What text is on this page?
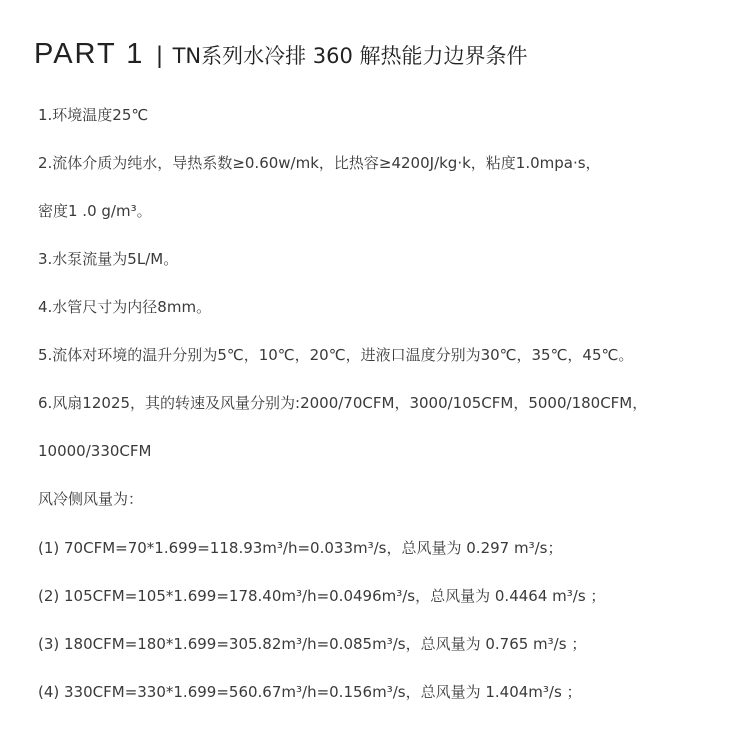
PART 1 | TN系列水冷排 360 解热能力边界条件
1.环境温度25℃
2.流体介质为纯水，导热系数≥0.60w/mk，比热容≥4200J/kg·k，粘度1.0mpa·s，
密度1 .0 g/m³。
3.水泵流量为5L/M。
4.水管尺寸为内径8mm。
5.流体对环境的温升分别为5℃，10℃，20℃，进液口温度分别为30℃，35℃，45℃。
6.风扇12025，其的转速及风量分别为:2000/70CFM，3000/105CFM，5000/180CFM，
10000/330CFM
风冷侧风量为：
(1) 70CFM=70*1.699=118.93m³/h=0.033m³/s，总风量为 0.297 m³/s；
(2) 105CFM=105*1.699=178.40m³/h=0.0496m³/s，总风量为 0.4464 m³/s ；
(3) 180CFM=180*1.699=305.82m³/h=0.085m³/s，总风量为 0.765 m³/s ；
(4) 330CFM=330*1.699=560.67m³/h=0.156m³/s，总风量为 1.404m³/s ；
